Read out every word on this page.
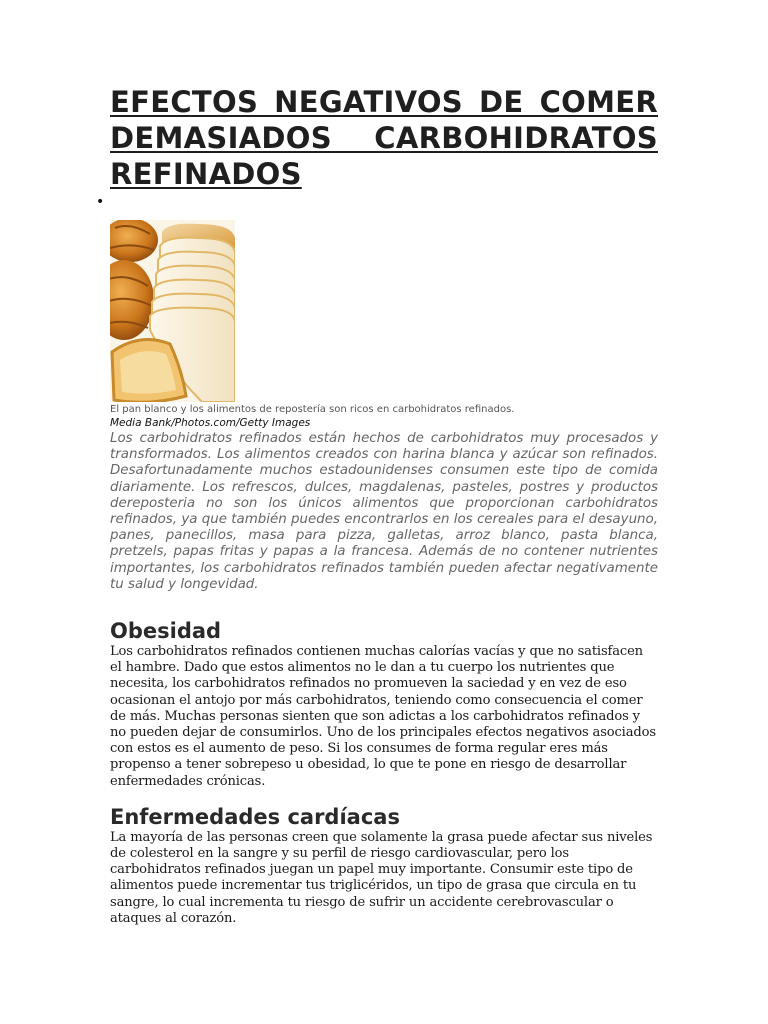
EFECTOS NEGATIVOS DE COMER DEMASIADOS CARBOHIDRATOS REFINADOS
•
El pan blanco y los alimentos de repostería son ricos en carbohidratos refinados.
Media Bank/Photos.com/Getty Images

Los carbohidratos refinados están hechos de carbohidratos muy procesados y transformados. Los alimentos creados con harina blanca y azúcar son refinados. Desafortunadamente muchos estadounidenses consumen este tipo de comida diariamente. Los refrescos, dulces, magdalenas, pasteles, postres y productos dereposteria no son los únicos alimentos que proporcionan carbohidratos refinados, ya que también puedes encontrarlos en los cereales para el desayuno, panes, panecillos, masa para pizza, galletas, arroz blanco, pasta blanca, pretzels, papas fritas y papas a la francesa. Además de no contener nutrientes importantes, los carbohidratos refinados también pueden afectar negativamente tu salud y longevidad.

Obesidad

Los carbohidratos refinados contienen muchas calorías vacías y que no satisfacen el hambre. Dado que estos alimentos no le dan a tu cuerpo los nutrientes que necesita, los carbohidratos refinados no promueven la saciedad y en vez de eso ocasionan el antojo por más carbohidratos, teniendo como consecuencia el comer de más. Muchas personas sienten que son adictas a los carbohidratos refinados y no pueden dejar de consumirlos. Uno de los principales efectos negativos asociados con estos es el aumento de peso. Si los consumes de forma regular eres más propenso a tener sobrepeso u obesidad, lo que te pone en riesgo de desarrollar enfermedades crónicas.

Enfermedades cardíacas

La mayoría de las personas creen que solamente la grasa puede afectar sus niveles de colesterol en la sangre y su perfil de riesgo cardiovascular, pero los carbohidratos refinados juegan un papel muy importante. Consumir este tipo de alimentos puede incrementar tus triglicéridos, un tipo de grasa que circula en tu sangre, lo cual incrementa tu riesgo de sufrir un accidente cerebrovascular o ataques al corazón.
